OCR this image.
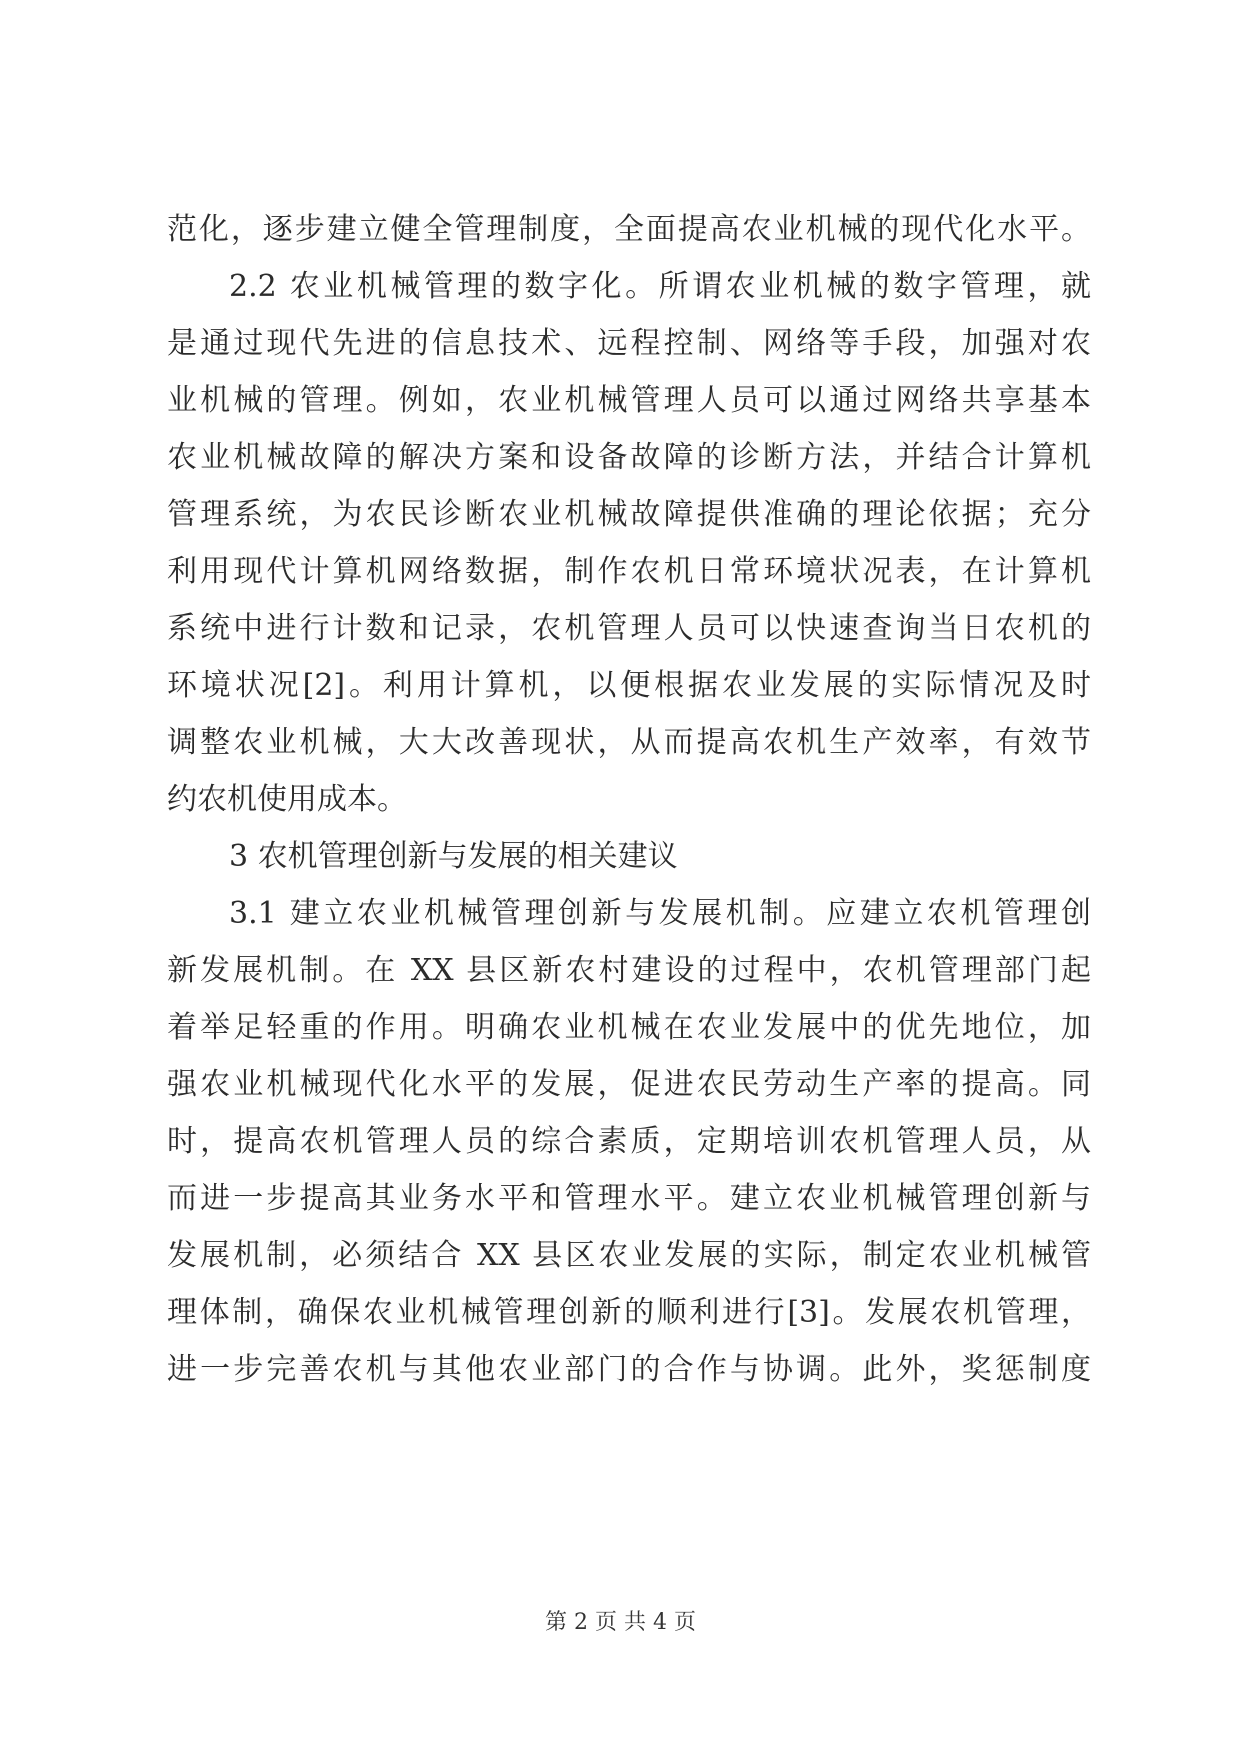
范化，逐步建立健全管理制度，全面提高农业机械的现代化水平。
2.2 农业机械管理的数字化。所谓农业机械的数字管理，就
是通过现代先进的信息技术、远程控制、网络等手段，加强对农
业机械的管理。例如，农业机械管理人员可以通过网络共享基本
农业机械故障的解决方案和设备故障的诊断方法，并结合计算机
管理系统，为农民诊断农业机械故障提供准确的理论依据；充分
利用现代计算机网络数据，制作农机日常环境状况表，在计算机
系统中进行计数和记录，农机管理人员可以快速查询当日农机的
环境状况[2]。利用计算机，以便根据农业发展的实际情况及时
调整农业机械，大大改善现状，从而提高农机生产效率，有效节
约农机使用成本。
3 农机管理创新与发展的相关建议
3.1 建立农业机械管理创新与发展机制。应建立农机管理创
新发展机制。在 XX 县区新农村建设的过程中，农机管理部门起
着举足轻重的作用。明确农业机械在农业发展中的优先地位，加
强农业机械现代化水平的发展，促进农民劳动生产率的提高。同
时，提高农机管理人员的综合素质，定期培训农机管理人员，从
而进一步提高其业务水平和管理水平。建立农业机械管理创新与
发展机制，必须结合 XX 县区农业发展的实际，制定农业机械管
理体制，确保农业机械管理创新的顺利进行[3]。发展农机管理，
进一步完善农机与其他农业部门的合作与协调。此外，奖惩制度
第 2 页 共 4 页
